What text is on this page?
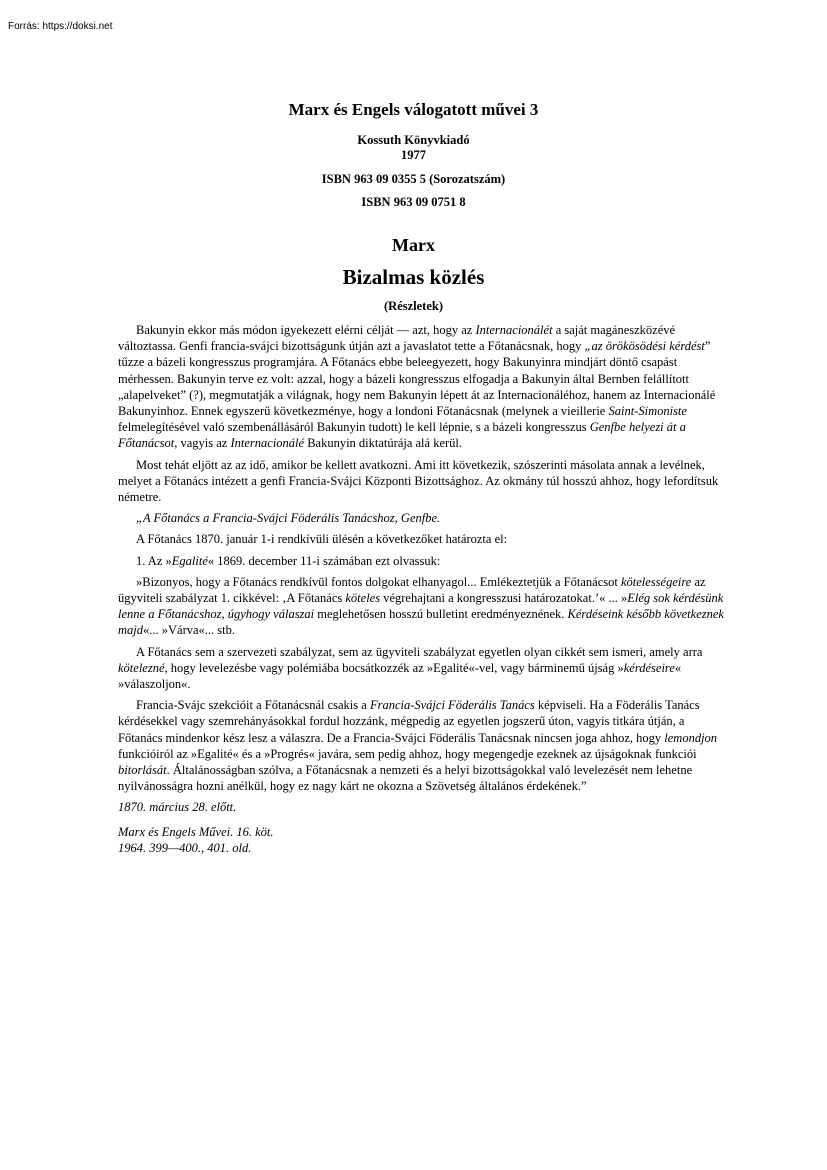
Forrás: https://doksi.net
Marx és Engels válogatott művei 3
Kossuth Könyvkiadó
1977
ISBN 963 09 0355 5 (Sorozatszám)
ISBN 963 09 0751 8
Marx
Bizalmas közlés
(Részletek)

Bakunyin ekkor más módon igyekezett elérni célját — azt, hogy az Internacionálét a saját magáneszközévé változtassa. Genfi francia-svájci bizottságunk útján azt a javaslatot tette a Főtanácsnak, hogy „az örökösödési kérdést” tűzze a bázeli kongresszus programjára. A Főtanács ebbe beleegyezett, hogy Bakunyinra mindjárt döntő csapást mérhessen. Bakunyin terve ez volt: azzal, hogy a bázeli kongresszus elfogadja a Bakunyin által Bernben felállított „alapelveket” (?), megmutatják a világnak, hogy nem Bakunyin lépett át az Internacionáléhoz, hanem az Internacionálé Bakunyinhoz. Ennek egyszerű következménye, hogy a londoni Főtanácsnak (melynek a vieillerie Saint-Simoniste felmelegítésével való szembenállásáról Bakunyin tudott) le kell lépnie, s a bázeli kongresszus Genfbe helyezi át a Főtanácsot, vagyis az Internacionálé Bakunyin diktatúrája alá kerül.

Most tehát eljött az az idő, amikor be kellett avatkozni. Ami itt következik, szószerinti másolata annak a levélnek, melyet a Főtanács intézett a genfi Francia-Svájci Központi Bizottsághoz. Az okmány túl hosszú ahhoz, hogy lefordítsuk németre.

„A Főtanács a Francia-Svájci Föderális Tanácshoz, Genfbe.

A Főtanács 1870. január 1-i rendkívüli ülésén a következőket határozta el:

1. Az »Egalité« 1869. december 11-i számában ezt olvassuk:

»Bizonyos, hogy a Főtanács rendkívül fontos dolgokat elhanyagol... Emlékeztetjük a Főtanácsot kötelességeire az ügyviteli szabályzat 1. cikkével: ‚A Főtanács köteles végrehajtani a kongresszusi határozatokat.’« ... »Elég sok kérdésünk lenne a Főtanácshoz, úgyhogy válaszai meglehetősen hosszú bulletint eredményeznének. Kérdéseink később következnek majd«... »Várva«... stb.

A Főtanács sem a szervezeti szabályzat, sem az ügyviteli szabályzat egyetlen olyan cikkét sem ismeri, amely arra kötelezné, hogy levelezésbe vagy polémiába bocsátkozzék az »Egalité«-vel, vagy bárminemű újság »kérdéseire« »válaszoljon«.

Francia-Svájc szekcióit a Főtanácsnál csakis a Francia-Svájci Föderális Tanács képviseli. Ha a Föderális Tanács kérdésekkel vagy szemrehányásokkal fordul hozzánk, mégpedig az egyetlen jogszerű úton, vagyis titkára útján, a Főtanács mindenkor kész lesz a válaszra. De a Francia-Svájci Föderális Tanácsnak nincsen joga ahhoz, hogy lemondjon funkcióiról az »Egalité« és a »Progrés« javára, sem pedig ahhoz, hogy megengedje ezeknek az újságoknak funkciói bitorlását. Általánosságban szólva, a Főtanácsnak a nemzeti és a helyi bizottságokkal való levelezését nem lehetne nyilvánosságra hozni anélkül, hogy ez nagy kárt ne okozna a Szövetség általános érdekének.”

1870. március 28. előtt.

Marx és Engels Művei. 16. köt.
1964. 399—400., 401. old.
